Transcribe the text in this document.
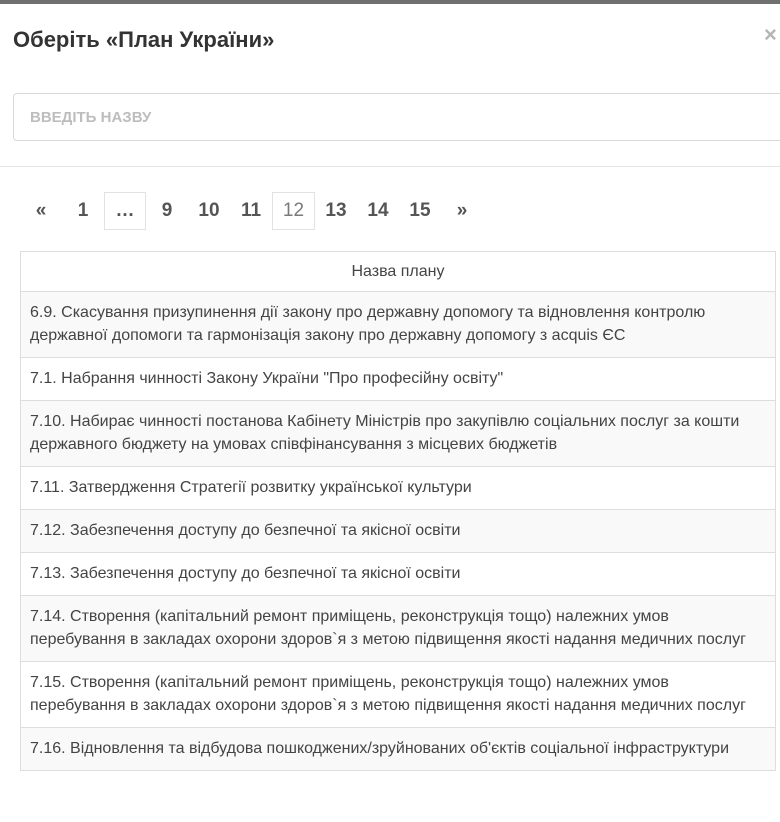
Оберіть «План України»	×
ВВЕДІТЬ НАЗВУ
«	1	…	9	10	11	12	13	14	15	»
Назва плану
6.9. Скасування призупинення дії закону про державну допомогу та відновлення контролю державної допомоги та гармонізація закону про державну допомогу з acquis ЄС
7.1. Набрання чинності Закону України "Про професійну освіту"
7.10. Набирає чинності постанова Кабінету Міністрів про закупівлю соціальних послуг за кошти державного бюджету на умовах співфінансування з місцевих бюджетів
7.11. Затвердження Стратегії розвитку української культури
7.12. Забезпечення доступу до безпечної та якісної освіти
7.13. Забезпечення доступу до безпечної та якісної освіти
7.14. Створення (капітальний ремонт приміщень, реконструкція тощо) належних умов перебування в закладах охорони здоров`я з метою підвищення якості надання медичних послуг
7.15. Створення (капітальний ремонт приміщень, реконструкція тощо) належних умов перебування в закладах охорони здоров`я з метою підвищення якості надання медичних послуг
7.16. Відновлення та відбудова пошкоджених/зруйнованих об'єктів соціальної інфраструктури
